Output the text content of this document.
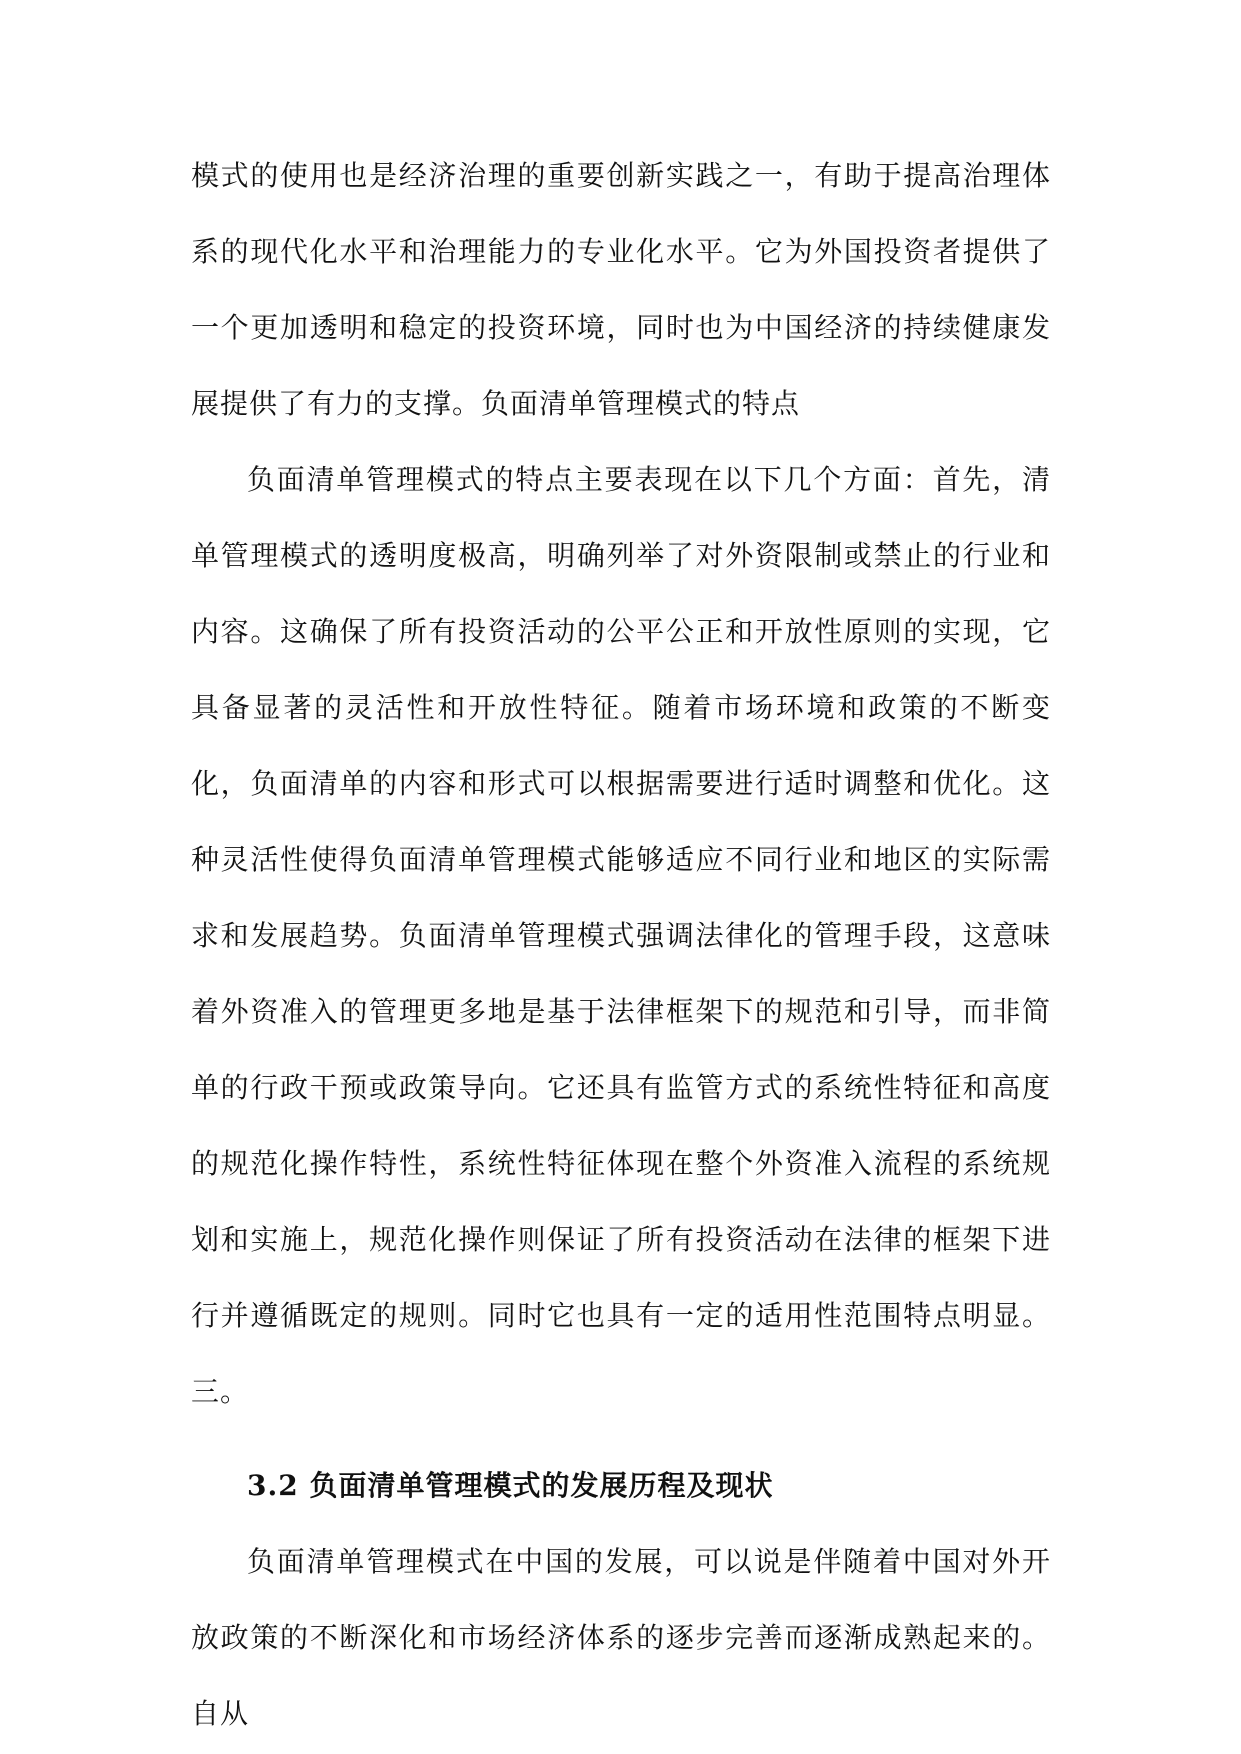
模式的使用也是经济治理的重要创新实践之一，有助于提高治理体系的现代化水平和治理能力的专业化水平。它为外国投资者提供了一个更加透明和稳定的投资环境，同时也为中国经济的持续健康发展提供了有力的支撑。负面清单管理模式的特点

负面清单管理模式的特点主要表现在以下几个方面：首先，清单管理模式的透明度极高，明确列举了对外资限制或禁止的行业和内容。这确保了所有投资活动的公平公正和开放性原则的实现，它具备显著的灵活性和开放性特征。随着市场环境和政策的不断变化，负面清单的内容和形式可以根据需要进行适时调整和优化。这种灵活性使得负面清单管理模式能够适应不同行业和地区的实际需求和发展趋势。负面清单管理模式强调法律化的管理手段，这意味着外资准入的管理更多地是基于法律框架下的规范和引导，而非简单的行政干预或政策导向。它还具有监管方式的系统性特征和高度的规范化操作特性，系统性特征体现在整个外资准入流程的系统规划和实施上，规范化操作则保证了所有投资活动在法律的框架下进行并遵循既定的规则。同时它也具有一定的适用性范围特点明显。三。

3.2 负面清单管理模式的发展历程及现状

负面清单管理模式在中国的发展，可以说是伴随着中国对外开放政策的不断深化和市场经济体系的逐步完善而逐渐成熟起来的。自从
